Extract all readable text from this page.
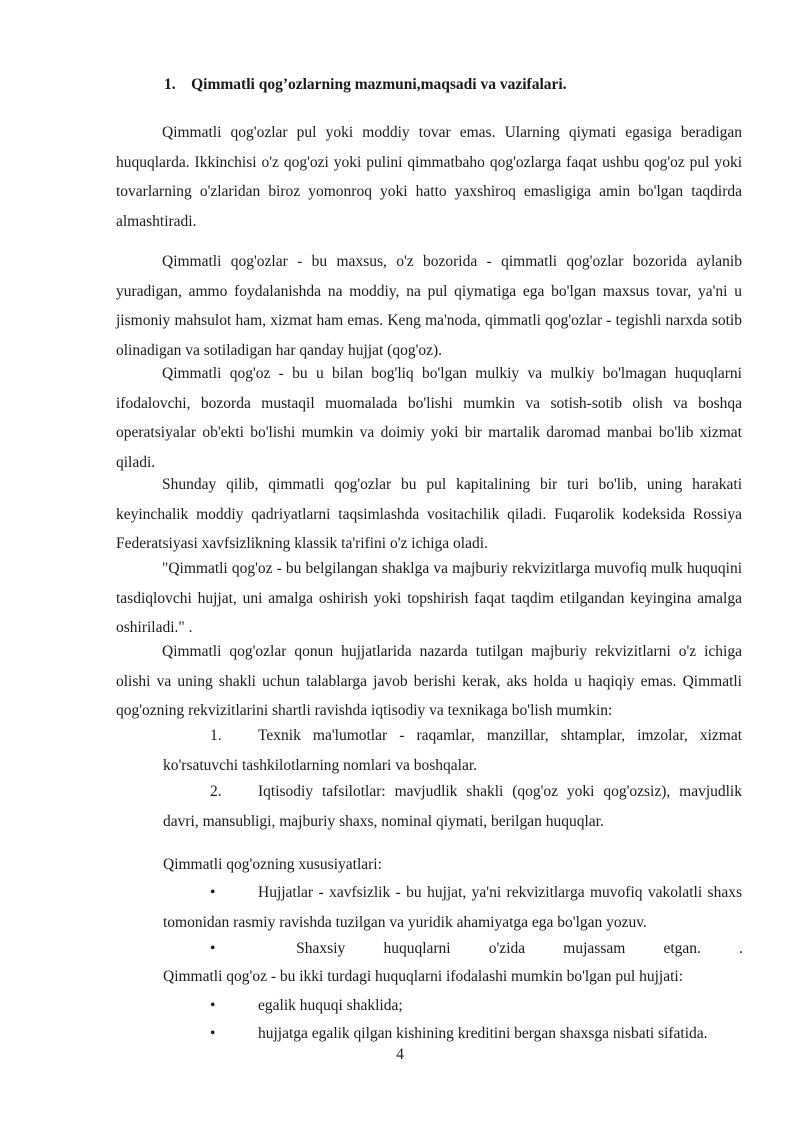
1. Qimmatli qog’ozlarning mazmuni,maqsadi va vazifalari.

Qimmatli qog'ozlar pul yoki moddiy tovar emas. Ularning qiymati egasiga beradigan huquqlarda. Ikkinchisi o'z qog'ozi yoki pulini qimmatbaho qog'ozlarga faqat ushbu qog'oz pul yoki tovarlarning o'zlaridan biroz yomonroq yoki hatto yaxshiroq emasligiga amin bo'lgan taqdirda almashtiradi.

Qimmatli qog'ozlar - bu maxsus, o'z bozorida - qimmatli qog'ozlar bozorida aylanib yuradigan, ammo foydalanishda na moddiy, na pul qiymatiga ega bo'lgan maxsus tovar, ya'ni u jismoniy mahsulot ham, xizmat ham emas. Keng ma'noda, qimmatli qog'ozlar - tegishli narxda sotib olinadigan va sotiladigan har qanday hujjat (qog'oz).

Qimmatli qog'oz - bu u bilan bog'liq bo'lgan mulkiy va mulkiy bo'lmagan huquqlarni ifodalovchi, bozorda mustaqil muomalada bo'lishi mumkin va sotish-sotib olish va boshqa operatsiyalar ob'ekti bo'lishi mumkin va doimiy yoki bir martalik daromad manbai bo'lib xizmat qiladi.

Shunday qilib, qimmatli qog'ozlar bu pul kapitalining bir turi bo'lib, uning harakati keyinchalik moddiy qadriyatlarni taqsimlashda vositachilik qiladi. Fuqarolik kodeksida Rossiya Federatsiyasi xavfsizlikning klassik ta'rifini o'z ichiga oladi.

"Qimmatli qog'oz - bu belgilangan shaklga va majburiy rekvizitlarga muvofiq mulk huquqini tasdiqlovchi hujjat, uni amalga oshirish yoki topshirish faqat taqdim etilgandan keyingina amalga oshiriladi." .

Qimmatli qog'ozlar qonun hujjatlarida nazarda tutilgan majburiy rekvizitlarni o'z ichiga olishi va uning shakli uchun talablarga javob berishi kerak, aks holda u haqiqiy emas. Qimmatli qog'ozning rekvizitlarini shartli ravishda iqtisodiy va texnikaga bo'lish mumkin:

1. Texnik ma'lumotlar - raqamlar, manzillar, shtamplar, imzolar, xizmat ko'rsatuvchi tashkilotlarning nomlari va boshqalar.

2. Iqtisodiy tafsilotlar: mavjudlik shakli (qog'oz yoki qog'ozsiz), mavjudlik davri, mansubligi, majburiy shaxs, nominal qiymati, berilgan huquqlar.

Qimmatli qog'ozning xususiyatlari:

•	Hujjatlar - xavfsizlik - bu hujjat, ya'ni rekvizitlarga muvofiq vakolatli shaxs tomonidan rasmiy ravishda tuzilgan va yuridik ahamiyatga ega bo'lgan yozuv.

•	Shaxsiy huquqlarni o'zida mujassam etgan. .

Qimmatli qog'oz - bu ikki turdagi huquqlarni ifodalashi mumkin bo'lgan pul hujjati:

•	egalik huquqi shaklida;

•	hujjatga egalik qilgan kishining kreditini bergan shaxsga nisbati sifatida.

4
